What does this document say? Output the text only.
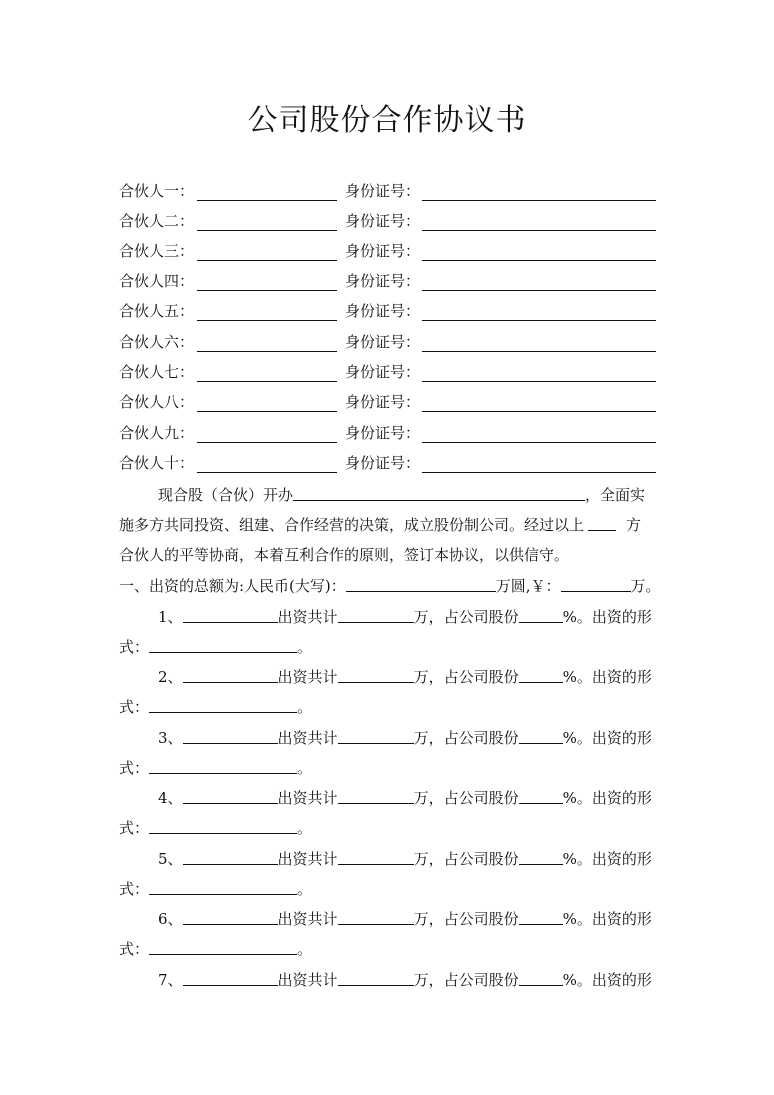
公司股份合作协议书
合伙人一：	身份证号：
合伙人二：	身份证号：
合伙人三：	身份证号：
合伙人四：	身份证号：
合伙人五：	身份证号：
合伙人六：	身份证号：
合伙人七：	身份证号：
合伙人八：	身份证号：
合伙人九：	身份证号：
合伙人十：	身份证号：
现合股（合伙）开办	，全面实
施多方共同投资、组建、合作经营的决策，成立股份制公司。经过以上	方
合伙人的平等协商，本着互利合作的原则，签订本协议，以供信守。
一、出资的总额为:人民币(大写)：	万圆,￥：	万。
1、	出资共计	万，占公司股份	%。出资的形
式：	。
2、	出资共计	万，占公司股份	%。出资的形
式：	。
3、	出资共计	万，占公司股份	%。出资的形
式：	。
4、	出资共计	万，占公司股份	%。出资的形
式：	。
5、	出资共计	万，占公司股份	%。出资的形
式：	。
6、	出资共计	万，占公司股份	%。出资的形
式：	。
7、	出资共计	万，占公司股份	%。出资的形
